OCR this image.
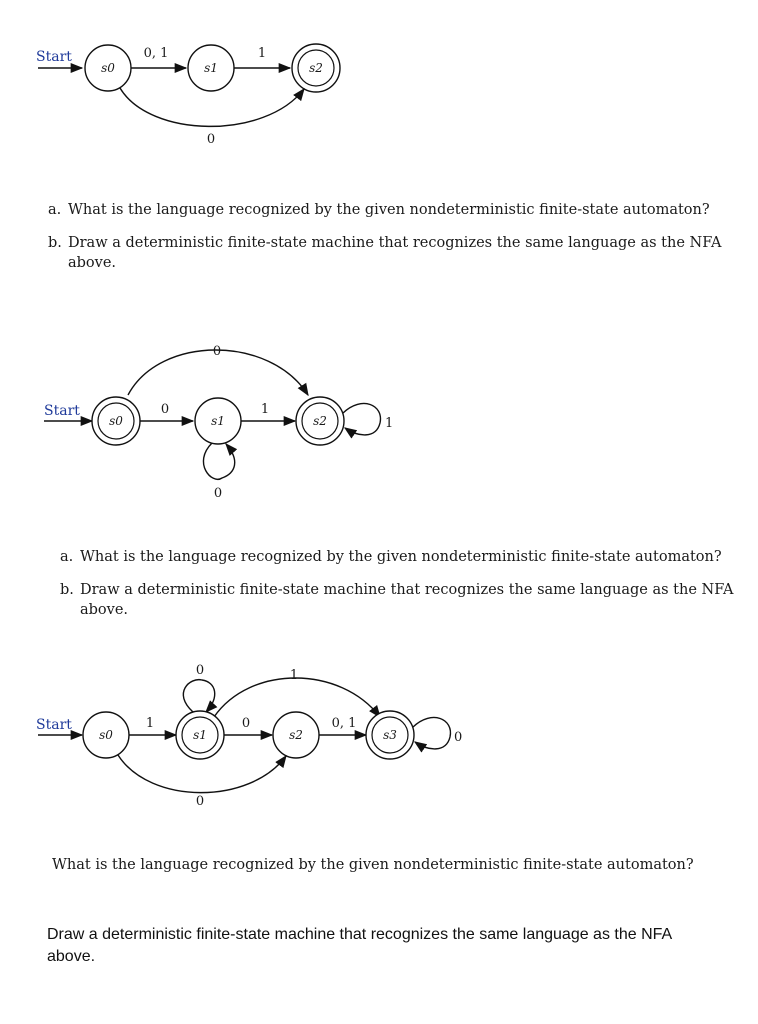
Start
s0
0, 1
s1
1
s2
0
a. What is the language recognized by the given nondeterministic finite-state automaton?
b. Draw a deterministic finite-state machine that recognizes the same language as the NFA
above.
0
Start
s0
0
s1
1
s2
0
1
a. What is the language recognized by the given nondeterministic finite-state automaton?
b. Draw a deterministic finite-state machine that recognizes the same language as the NFA
above.
0	1
Start
s0
1
s1
0
s2
0, 1
s3	0
0
What is the language recognized by the given nondeterministic finite-state automaton?
Draw a deterministic finite-state machine that recognizes the same language as the NFA above.
